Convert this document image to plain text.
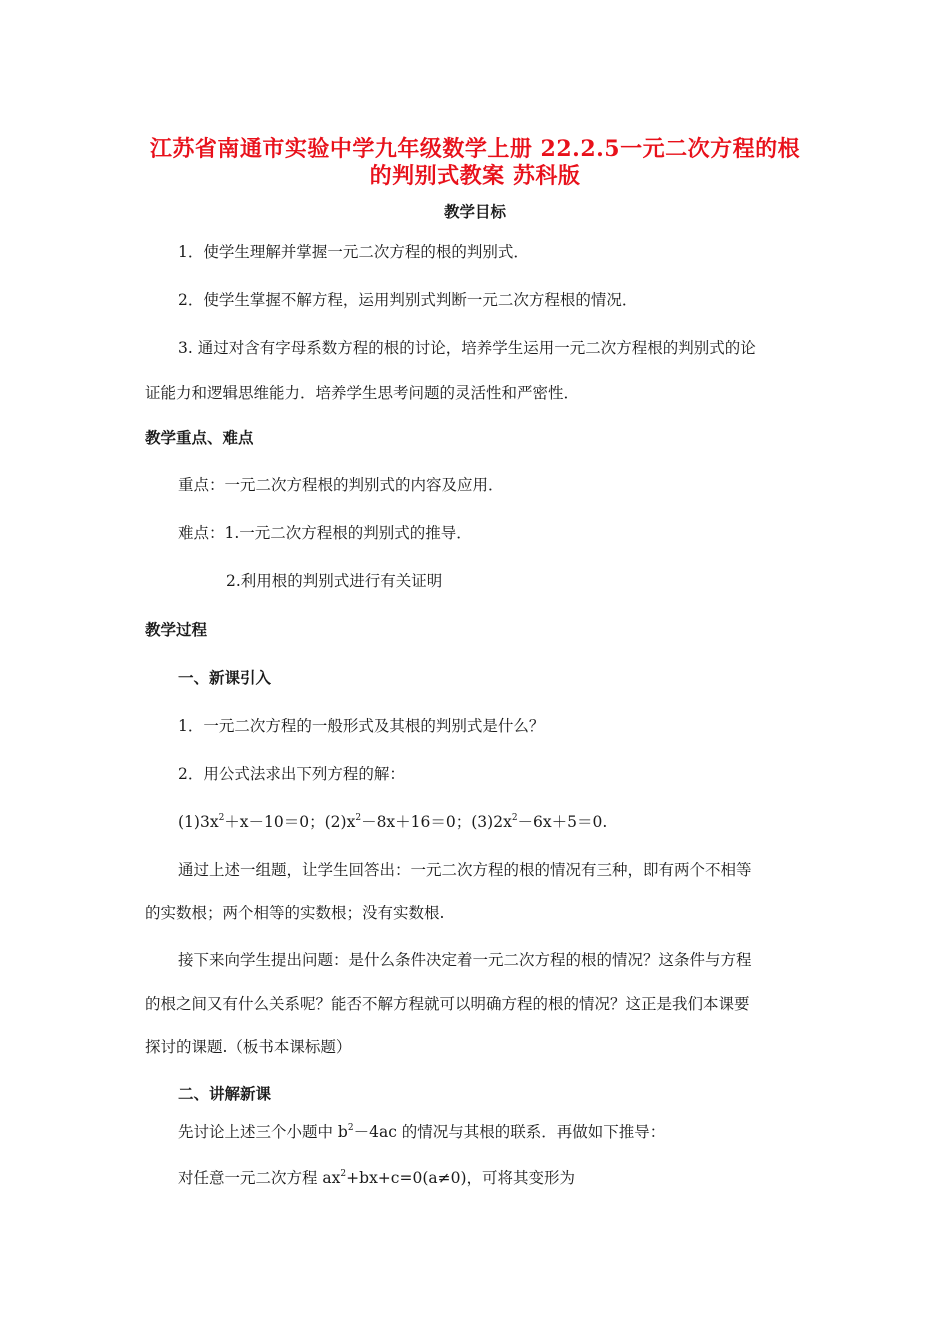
江苏省南通市实验中学九年级数学上册 22.2.5一元二次方程的根
的判别式教案 苏科版
教学目标
1．使学生理解并掌握一元二次方程的根的判别式．
2．使学生掌握不解方程，运用判别式判断一元二次方程根的情况．
3. 通过对含有字母系数方程的根的讨论，培养学生运用一元二次方程根的判别式的论
证能力和逻辑思维能力．培养学生思考问题的灵活性和严密性．
教学重点、难点
重点：一元二次方程根的判别式的内容及应用．
难点：1.一元二次方程根的判别式的推导．
2.利用根的判别式进行有关证明
教学过程
一、新课引入
1．一元二次方程的一般形式及其根的判别式是什么？
2．用公式法求出下列方程的解：
$(1)3x^2+x-10=0$；$(2)x^2-8x+16=0$；$(3)2x^2-6x+5=0$.
通过上述一组题，让学生回答出：一元二次方程的根的情况有三种，即有两个不相等
的实数根；两个相等的实数根；没有实数根.
接下来向学生提出问题：是什么条件决定着一元二次方程的根的情况？这条件与方程
的根之间又有什么关系呢？能否不解方程就可以明确方程的根的情况？这正是我们本课要
探讨的课题.（板书本课标题）
二、讲解新课
先讨论上述三个小题中 $b^2-4ac$ 的情况与其根的联系．再做如下推导：
对任意一元二次方程 $ax^2+bx+c=0(a\ne 0)$，可将其变形为
